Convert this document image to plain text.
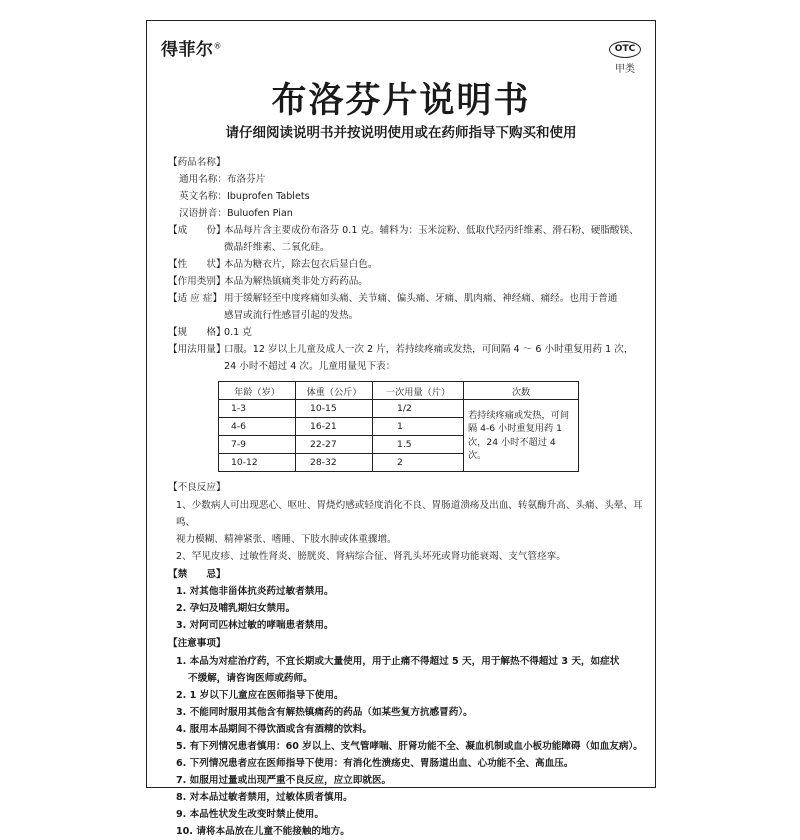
得菲尔®	OTC
甲类
布洛芬片说明书
请仔细阅读说明书并按说明使用或在药师指导下购买和使用
【药品名称】
通用名称： 布洛芬片
英文名称： Ibuprofen Tablets
汉语拼音： Buluofen Pian
【成　　份】
本品每片含主要成份布洛芬 0.1 克。辅料为：玉米淀粉、低取代羟丙纤维素、滑石粉、硬脂酸镁、
微晶纤维素、二氧化硅。
【性　　状】
本品为糖衣片，除去包衣后显白色。
【作用类别】
本品为解热镇痛类非处方药药品。
【适 应 症】 用于缓解轻至中度疼痛如头痛、关节痛、偏头痛、牙痛、肌肉痛、神经痛、痛经。也用于普通
感冒或流行性感冒引起的发热。
【规　　格】
0.1 克
【用法用量】
口服。12 岁以上儿童及成人一次 2 片，若持续疼痛或发热，可间隔 4 ～ 6 小时重复用药 1 次，
24 小时不超过 4 次。儿童用量见下表：
年龄（岁）	体重（公斤）	一次用量（片）	次数
1-3	10-15	1/2	若持续疼痛或发热，可间隔 4-6 小时重复用药 1 次，24 小时不超过 4 次。
4-6	16-21	1	
7-9	22-27	1.5	
10-12	28-32	2	
【不良反应】
1、少数病人可出现恶心、呕吐、胃烧灼感或轻度消化不良、胃肠道溃疡及出血、转氨酶升高、头痛、头晕、耳鸣、
视力模糊、精神紧张、嗜睡、下肢水肿或体重骤增。
2、罕见皮疹、过敏性肾炎、膀胱炎、肾病综合征、肾乳头坏死或肾功能衰竭、支气管痉挛。
【禁　　忌】
1. 对其他非甾体抗炎药过敏者禁用。
2. 孕妇及哺乳期妇女禁用。
3. 对阿司匹林过敏的哮喘患者禁用。
【注意事项】
1. 本品为对症治疗药，不宜长期或大量使用，用于止痛不得超过 5 天，用于解热不得超过 3 天，如症状
不缓解，请咨询医师或药师。
2. 1 岁以下儿童应在医师指导下使用。
3. 不能同时服用其他含有解热镇痛药的药品（如某些复方抗感冒药）。
4. 服用本品期间不得饮酒或含有酒精的饮料。
5. 有下列情况患者慎用：60 岁以上、支气管哮喘、肝肾功能不全、凝血机制或血小板功能障碍（如血友病）。
6. 下列情况患者应在医师指导下使用：有消化性溃疡史、胃肠道出血、心功能不全、高血压。
7. 如服用过量或出现严重不良反应，应立即就医。
8. 对本品过敏者禁用，过敏体质者慎用。
9. 本品性状发生改变时禁止使用。
10. 请将本品放在儿童不能接触的地方。
